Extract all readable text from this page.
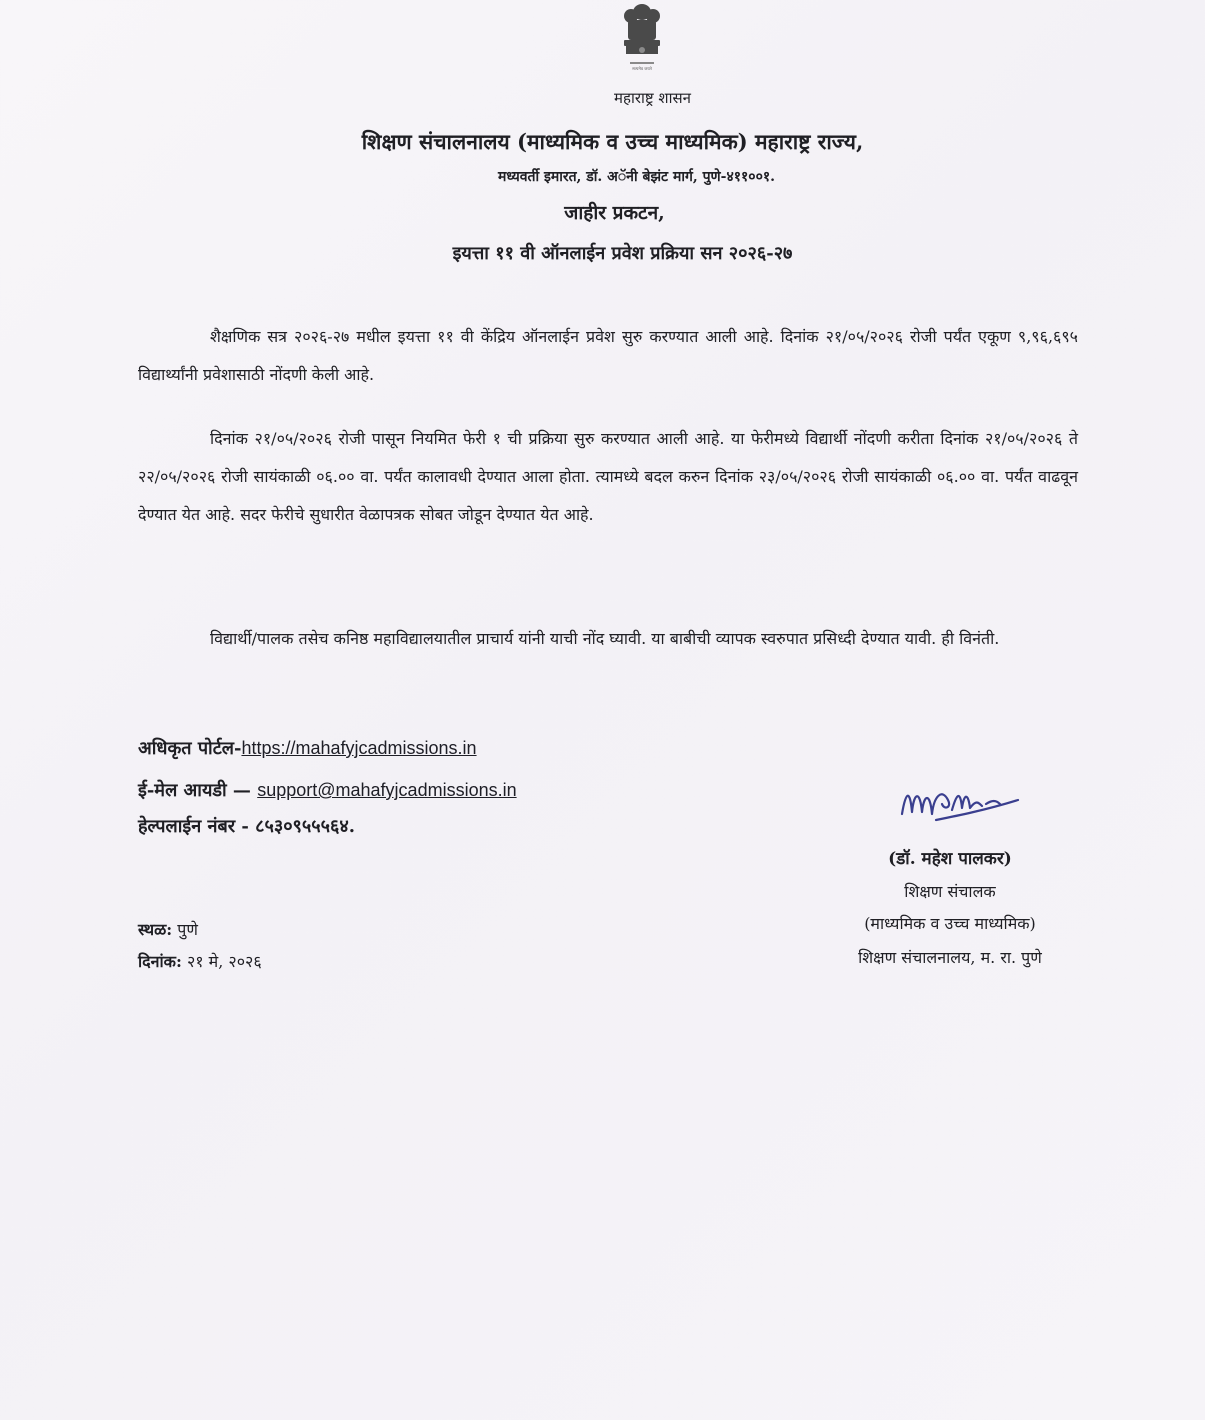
सत्यमेव जयते
महाराष्ट्र शासन
शिक्षण संचालनालय (माध्यमिक व उच्च माध्यमिक) महाराष्ट्र राज्य,
मध्यवर्ती इमारत, डॉ. अॅनी बेझंट मार्ग, पुणे-४११००१.
जाहीर प्रकटन,
इयत्ता ११ वी ऑनलाईन प्रवेश प्रक्रिया सन २०२६-२७

शैक्षणिक सत्र २०२६-२७ मधील इयत्ता ११ वी केंद्रिय ऑनलाईन प्रवेश सुरु करण्यात आली आहे. दिनांक २१/०५/२०२६ रोजी पर्यंत एकूण ९,९६,६९५ विद्यार्थ्यांनी प्रवेशासाठी नोंदणी केली आहे.

दिनांक २१/०५/२०२६ रोजी पासून नियमित फेरी १ ची प्रक्रिया सुरु करण्यात आली आहे. या फेरीमध्ये विद्यार्थी नोंदणी करीता दिनांक २१/०५/२०२६ ते २२/०५/२०२६ रोजी सायंकाळी ०६.०० वा. पर्यंत कालावधी देण्यात आला होता. त्यामध्ये बदल करुन दिनांक २३/०५/२०२६ रोजी सायंकाळी ०६.०० वा. पर्यंत वाढवून देण्यात येत आहे. सदर फेरीचे सुधारीत वेळापत्रक सोबत जोडून देण्यात येत आहे.

विद्यार्थी/पालक तसेच कनिष्ठ महाविद्यालयातील प्राचार्य यांनी याची नोंद घ्यावी. या बाबीची व्यापक स्वरुपात प्रसिध्दी देण्यात यावी. ही विनंती.

अधिकृत पोर्टल-https://mahafyjcadmissions.in
ई-मेल आयडी — support@mahafyjcadmissions.in
हेल्पलाईन नंबर - ८५३०९५५५६४.
स्थळ: पुणे
दिनांक: २१ मे, २०२६
(डॉ. महेश पालकर)
शिक्षण संचालक
(माध्यमिक व उच्च माध्यमिक)
शिक्षण संचालनालय, म. रा. पुणे
